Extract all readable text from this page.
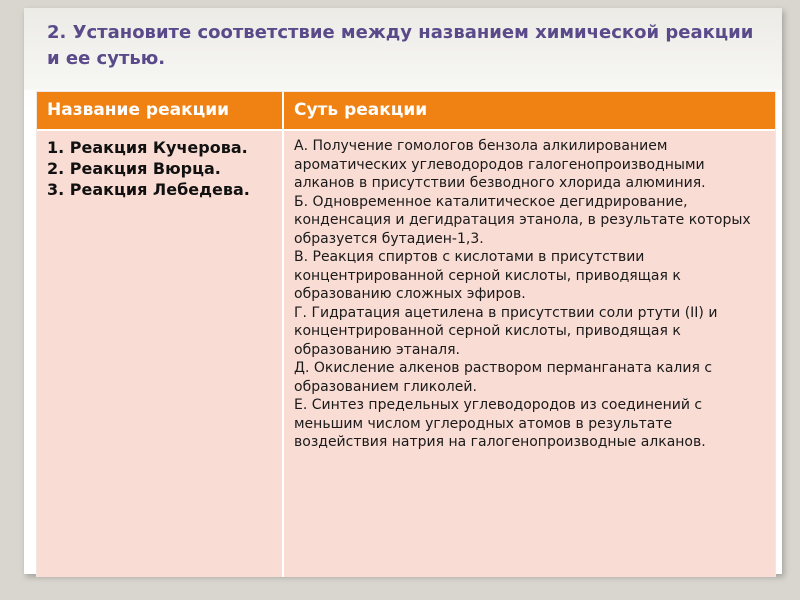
2. Установите соответствие между названием химической реакции и ее сутью.
Название реакции	Суть реакции

1. Реакция Кучерова.

2. Реакция Вюрца.

3. Реакция Лебедева.

А. Получение гомологов бензола алкилированием ароматических углеводородов галогенопроизводными алканов в присутствии безводного хлорида алюминия.

Б. Одновременное каталитическое дегидрирование, конденсация и дегидратация этанола, в результате которых образуется бутадиен-1,3.

В. Реакция спиртов с кислотами в присутствии концентрированной серной кислоты, приводящая к образованию сложных эфиров.

Г. Гидратация ацетилена в присутствии соли ртути (II) и концентрированной серной кислоты, приводящая к образованию этаналя.

Д. Окисление алкенов раствором перманганата калия с образованием гликолей.

Е. Синтез предельных углеводородов из соединений с меньшим числом углеродных атомов в результате воздействия натрия на галогенопроизводные алканов.
